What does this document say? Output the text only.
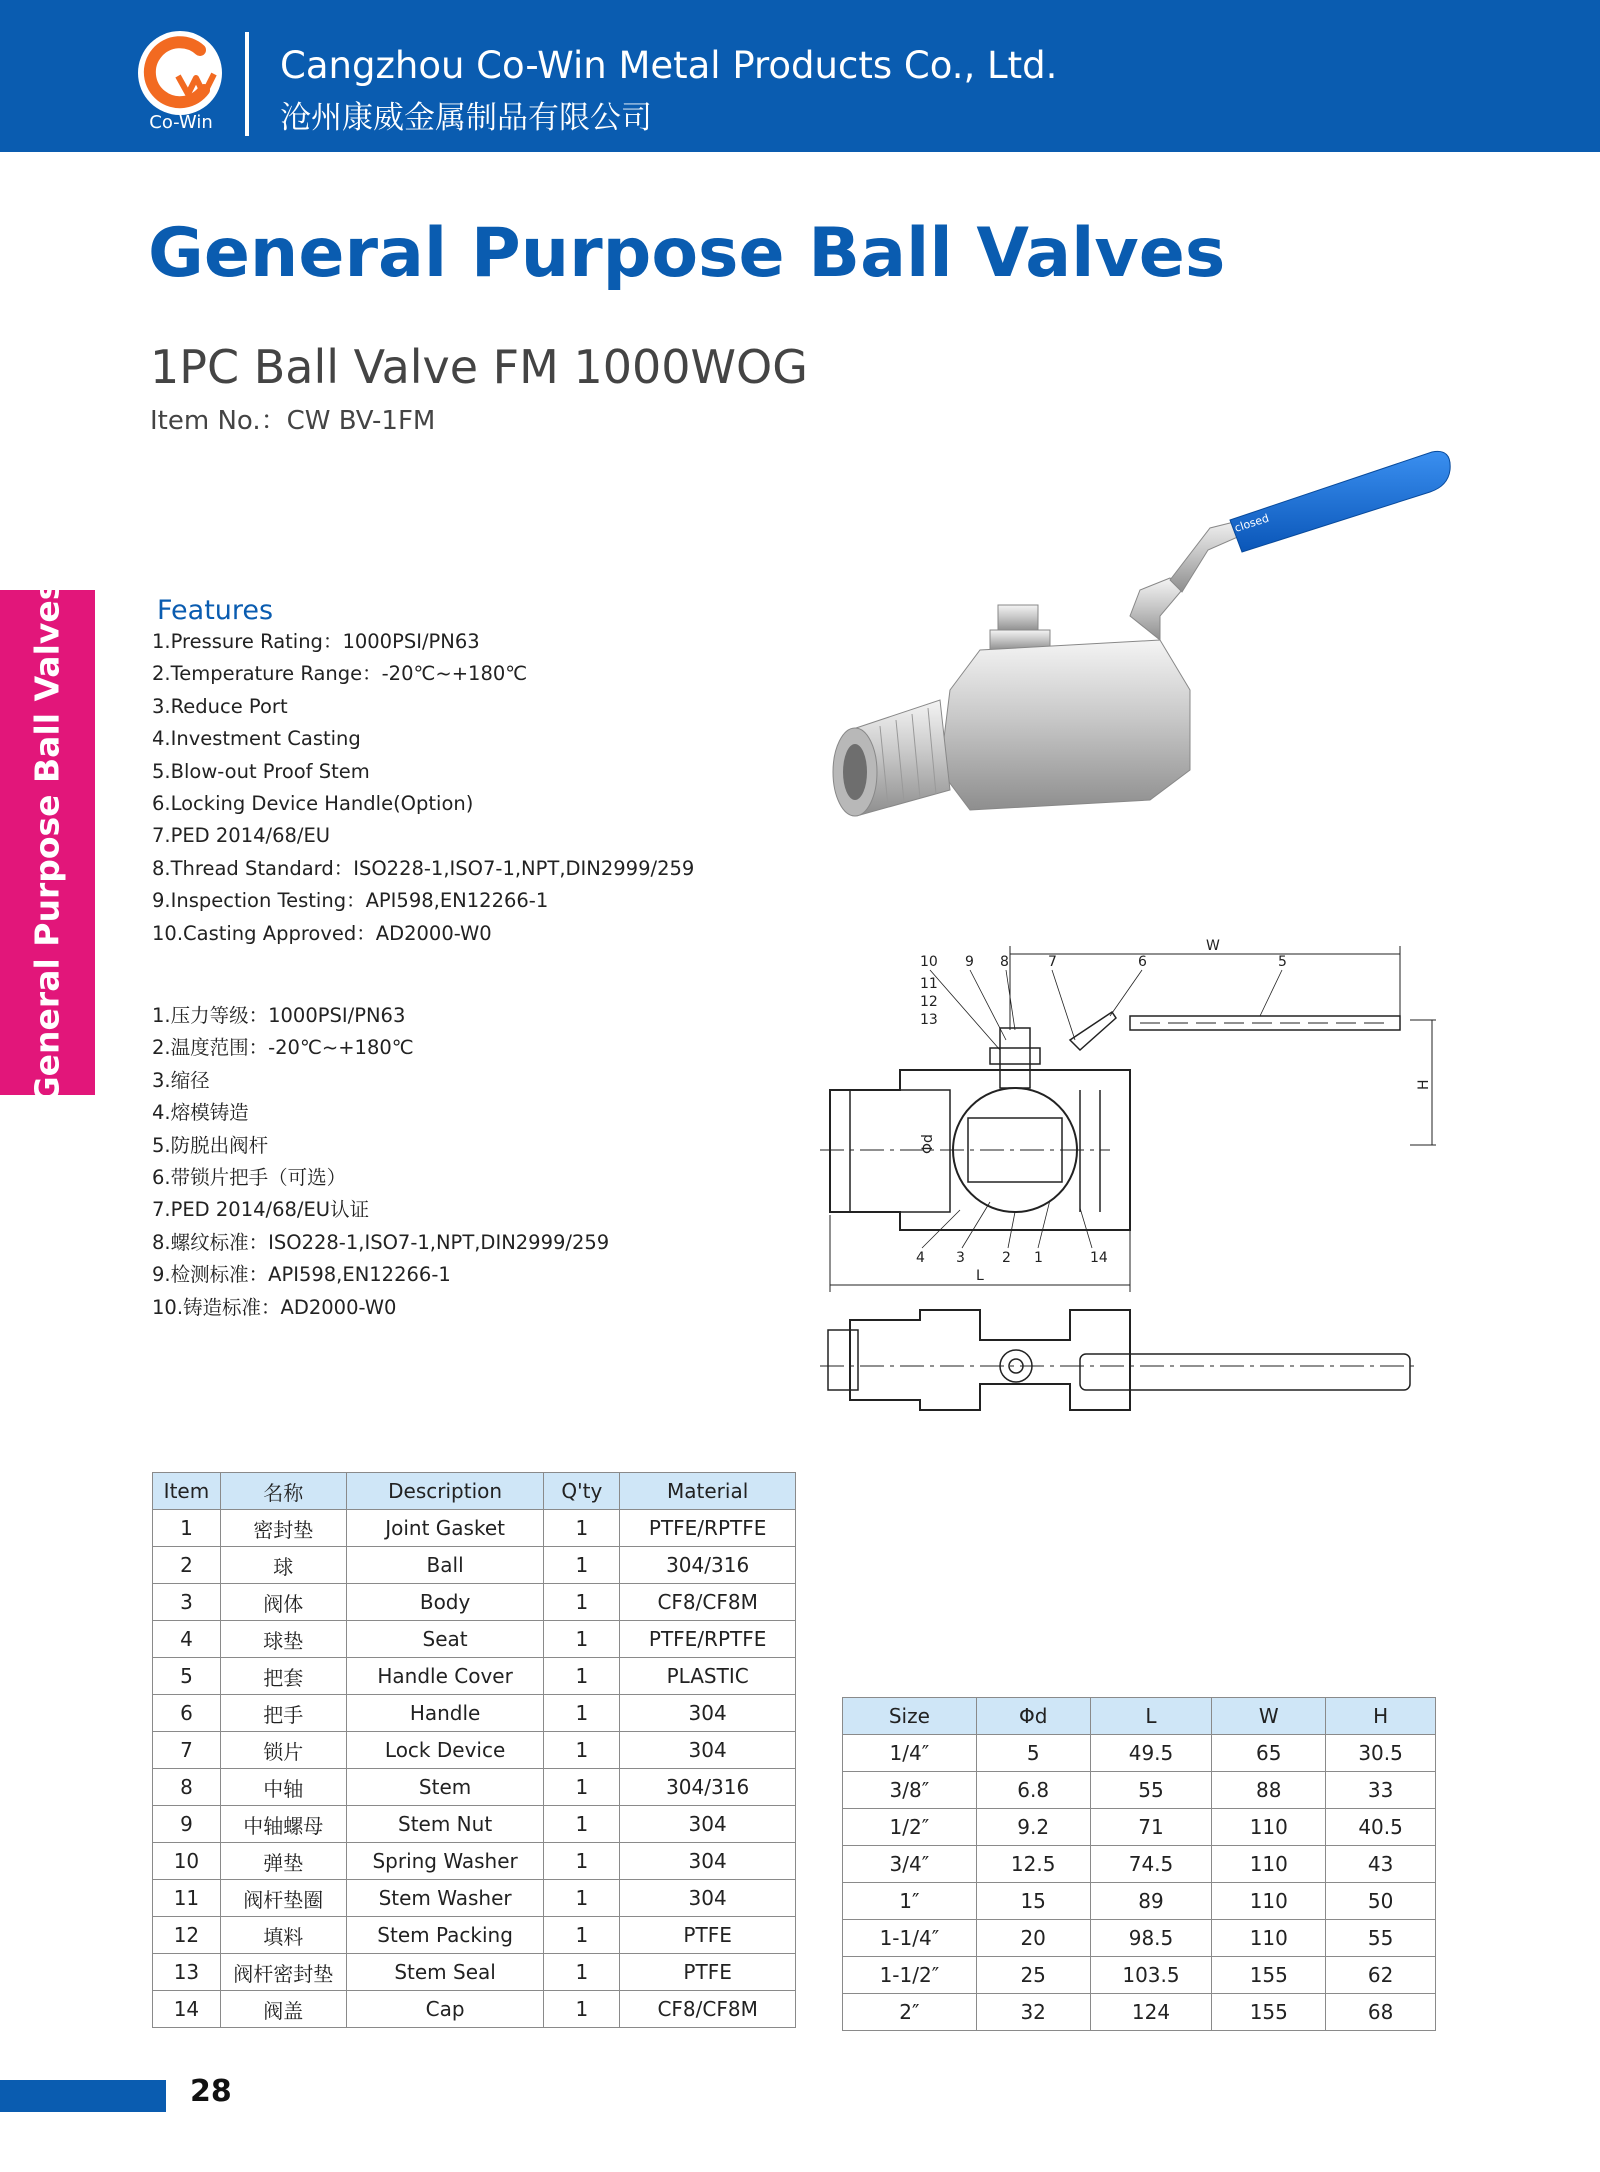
Co-Win
Cangzhou Co-Win Metal Products Co., Ltd.
沧州康威金属制品有限公司
General Purpose Ball Valves
1PC Ball Valve FM 1000WOG
Item No.：CW BV-1FM
General Purpose Ball Valves	Features
1.Pressure Rating：1000PSI/PN63
2.Temperature Range：-20℃~+180℃
3.Reduce Port
4.Investment Casting
5.Blow-out Proof Stem
6.Locking Device Handle(Option)
7.PED 2014/68/EU
8.Thread Standard：ISO228-1,ISO7-1,NPT,DIN2999/259
9.Inspection Testing：API598,EN12266-1
10.Casting Approved：AD2000-W0
1.压力等级：1000PSI/PN63
2.温度范围：-20℃~+180℃
3.缩径
4.熔模铸造
5.防脱出阀杆
6.带锁片把手（可选）
7.PED 2014/68/EU认证
8.螺纹标准：ISO228-1,ISO7-1,NPT,DIN2999/259
9.检测标准：API598,EN12266-1
10.铸造标准：AD2000-W0
open
closed
W
H
Φd
L
10 9 8	7	6	5
11
12
13
4 3	2 1	14
Item	名称	Description	Q'ty	Material
1	密封垫	Joint Gasket	1	PTFE/RPTFE
2	球	Ball	1	304/316
3	阀体	Body	1	CF8/CF8M
4	球垫	Seat	1	PTFE/RPTFE
5	把套	Handle Cover	1	PLASTIC
6	把手	Handle	1	304
7	锁片	Lock Device	1	304
8	中轴	Stem	1	304/316
9	中轴螺母	Stem Nut	1	304
10	弹垫	Spring Washer	1	304
11	阀杆垫圈	Stem Washer	1	304
12	填料	Stem Packing	1	PTFE
13	阀杆密封垫	Stem Seal	1	PTFE
14	阀盖	Cap	1	CF8/CF8M
Size	Φd	L	W	H
1/4″	5	49.5	65	30.5
3/8″	6.8	55	88	33
1/2″	9.2	71	110	40.5
3/4″	12.5	74.5	110	43
1″	15	89	110	50
1-1/4″	20	98.5	110	55
1-1/2″	25	103.5	155	62
2″	32	124	155	68
28
